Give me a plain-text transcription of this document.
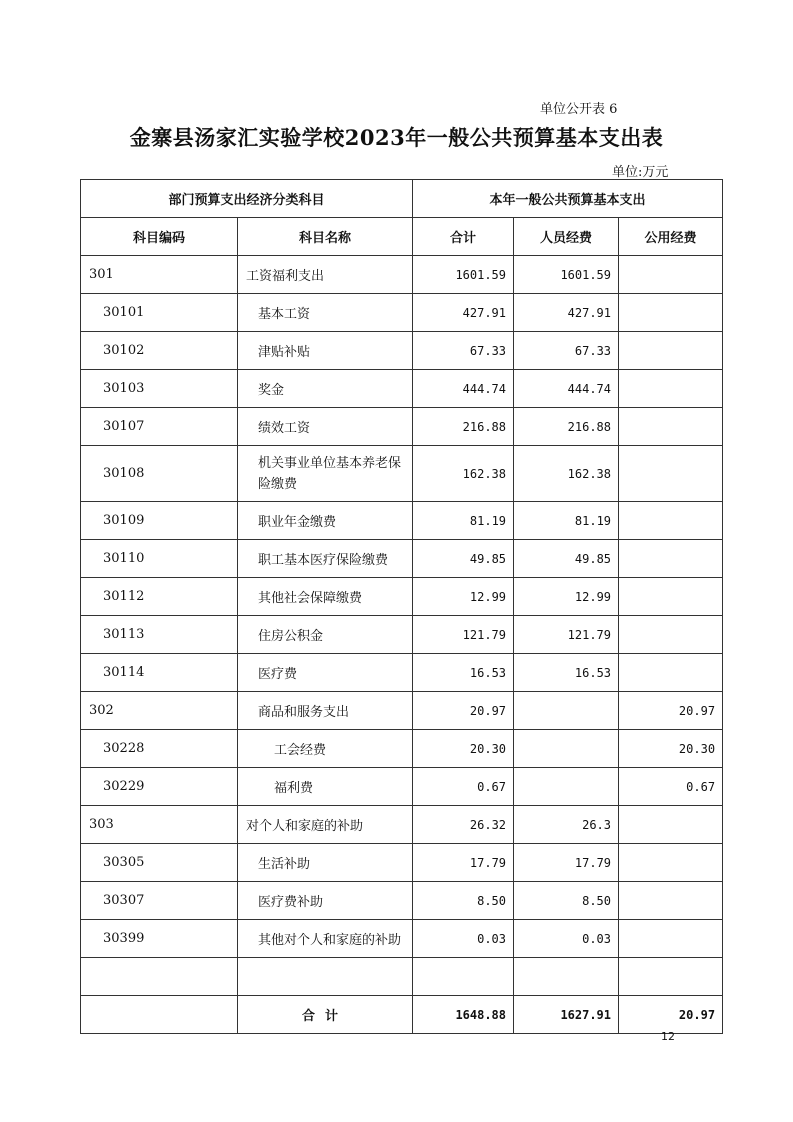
单位公开表 6
金寨县汤家汇实验学校2023年一般公共预算基本支出表
单位:万元
部门预算支出经济分类科目		本年一般公共预算基本支出		
科目编码	科目名称	合计	人员经费	公用经费
301	工资福利支出	1601.59	1601.59	
30101	基本工资	427.91	427.91	
30102	津贴补贴	67.33	67.33	
30103	奖金	444.74	444.74	
30107	绩效工资	216.88	216.88	
30108	机关事业单位基本养老保险缴费	162.38	162.38	
30109	职业年金缴费	81.19	81.19	
30110	职工基本医疗保险缴费	49.85	49.85	
30112	其他社会保障缴费	12.99	12.99	
30113	住房公积金	121.79	121.79	
30114	医疗费	16.53	16.53	
302	商品和服务支出	20.97		20.97
30228	工会经费	20.30		20.30
30229	福利费	0.67		0.67
303	对个人和家庭的补助	26.32	26.3	
30305	生活补助	17.79	17.79	
30307	医疗费补助	8.50	8.50	
30399	其他对个人和家庭的补助	0.03	0.03	

	合计	1648.88	1627.91	20.97
12
